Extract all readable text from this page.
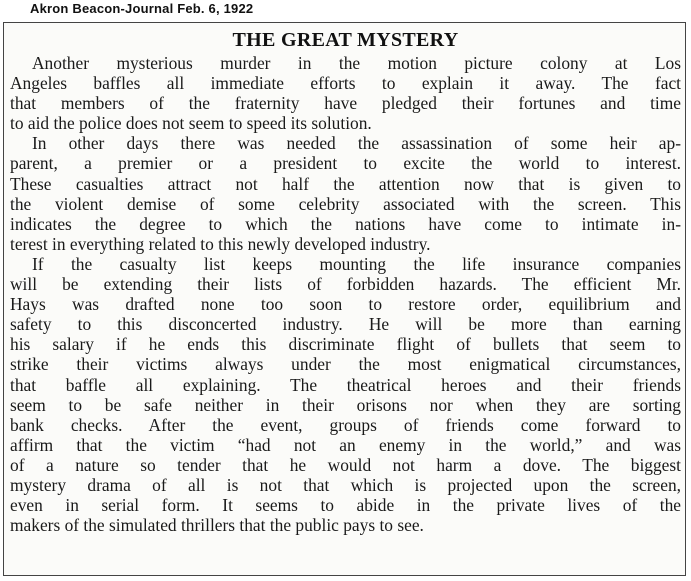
Akron Beacon-Journal Feb. 6, 1922
THE GREAT MYSTERY
Another mysterious murder in the motion picture colony at Los
Angeles baffles all immediate efforts to explain it away. The fact
that members of the fraternity have pledged their fortunes and time
to aid the police does not seem to speed its solution.
In other days there was needed the assassination of some heir ap-
parent, a premier or a president to excite the world to interest.
These casualties attract not half the attention now that is given to
the violent demise of some celebrity associated with the screen. This
indicates the degree to which the nations have come to intimate in-
terest in everything related to this newly developed industry.
If the casualty list keeps mounting the life insurance companies
will be extending their lists of forbidden hazards. The efficient Mr.
Hays was drafted none too soon to restore order, equilibrium and
safety to this disconcerted industry. He will be more than earning
his salary if he ends this discriminate flight of bullets that seem to
strike their victims always under the most enigmatical circumstances,
that baffle all explaining. The theatrical heroes and their friends
seem to be safe neither in their orisons nor when they are sorting
bank checks. After the event, groups of friends come forward to
affirm that the victim “had not an enemy in the world,” and was
of a nature so tender that he would not harm a dove. The biggest
mystery drama of all is not that which is projected upon the screen,
even in serial form. It seems to abide in the private lives of the
makers of the simulated thrillers that the public pays to see.
